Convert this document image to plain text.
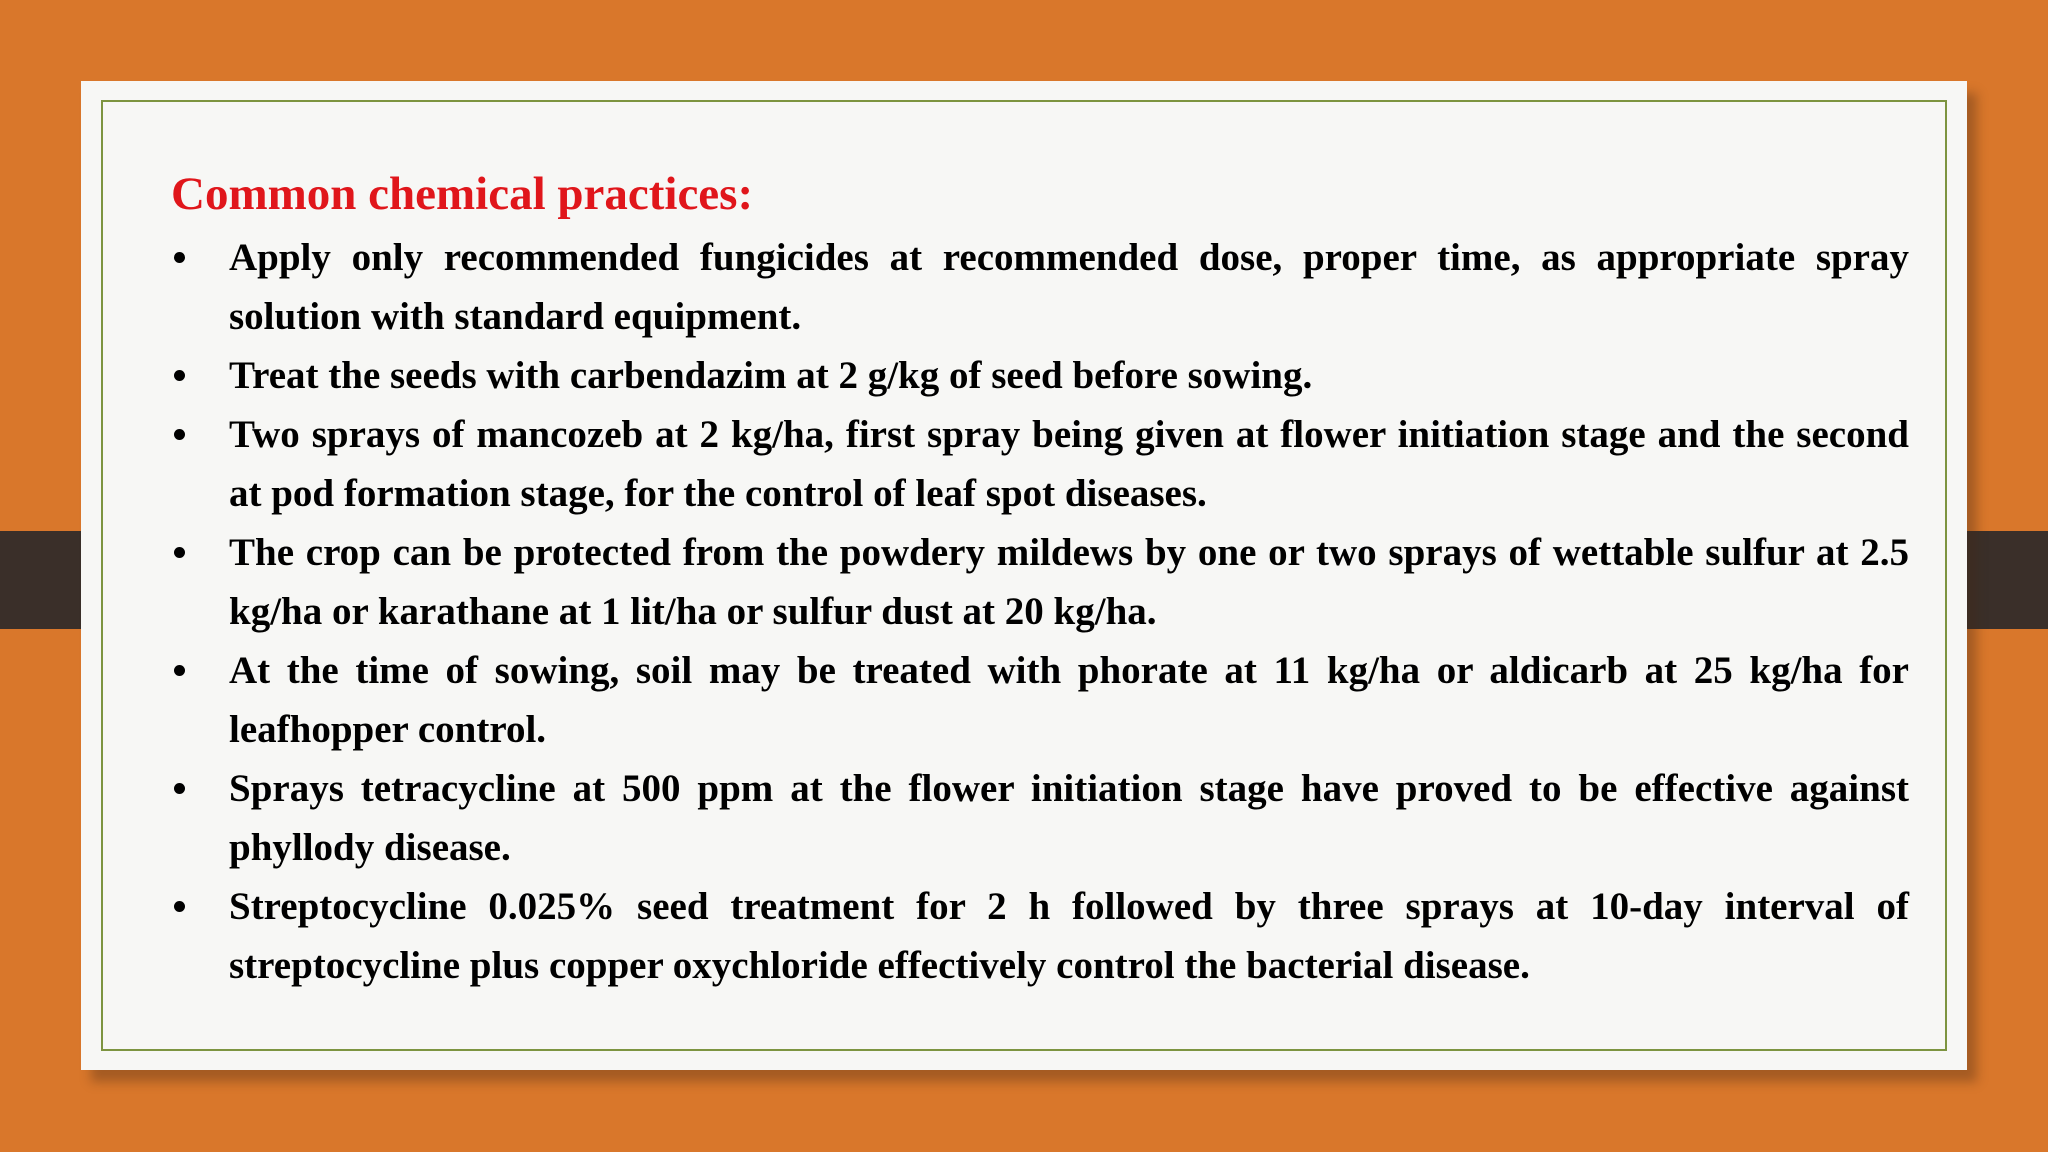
Common chemical practices:
Apply only recommended fungicides at recommended dose, proper time, as appropriate spray solution with standard equipment.
Treat the seeds with carbendazim at 2 g/kg of seed before sowing.
Two sprays of mancozeb at 2 kg/ha, first spray being given at flower initiation stage and the second at pod formation stage, for the control of leaf spot diseases.
The crop can be protected from the powdery mildews by one or two sprays of wettable sulfur at 2.5 kg/ha or karathane at 1 lit/ha or sulfur dust at 20 kg/ha.
At the time of sowing, soil may be treated with phorate at 11 kg/ha or aldicarb at 25 kg/ha for leafhopper control.
Sprays tetracycline at 500 ppm at the flower initiation stage have proved to be effective against phyllody disease.
Streptocycline 0.025% seed treatment for 2 h followed by three sprays at 10-day interval of streptocycline plus copper oxychloride effectively control the bacterial disease.
